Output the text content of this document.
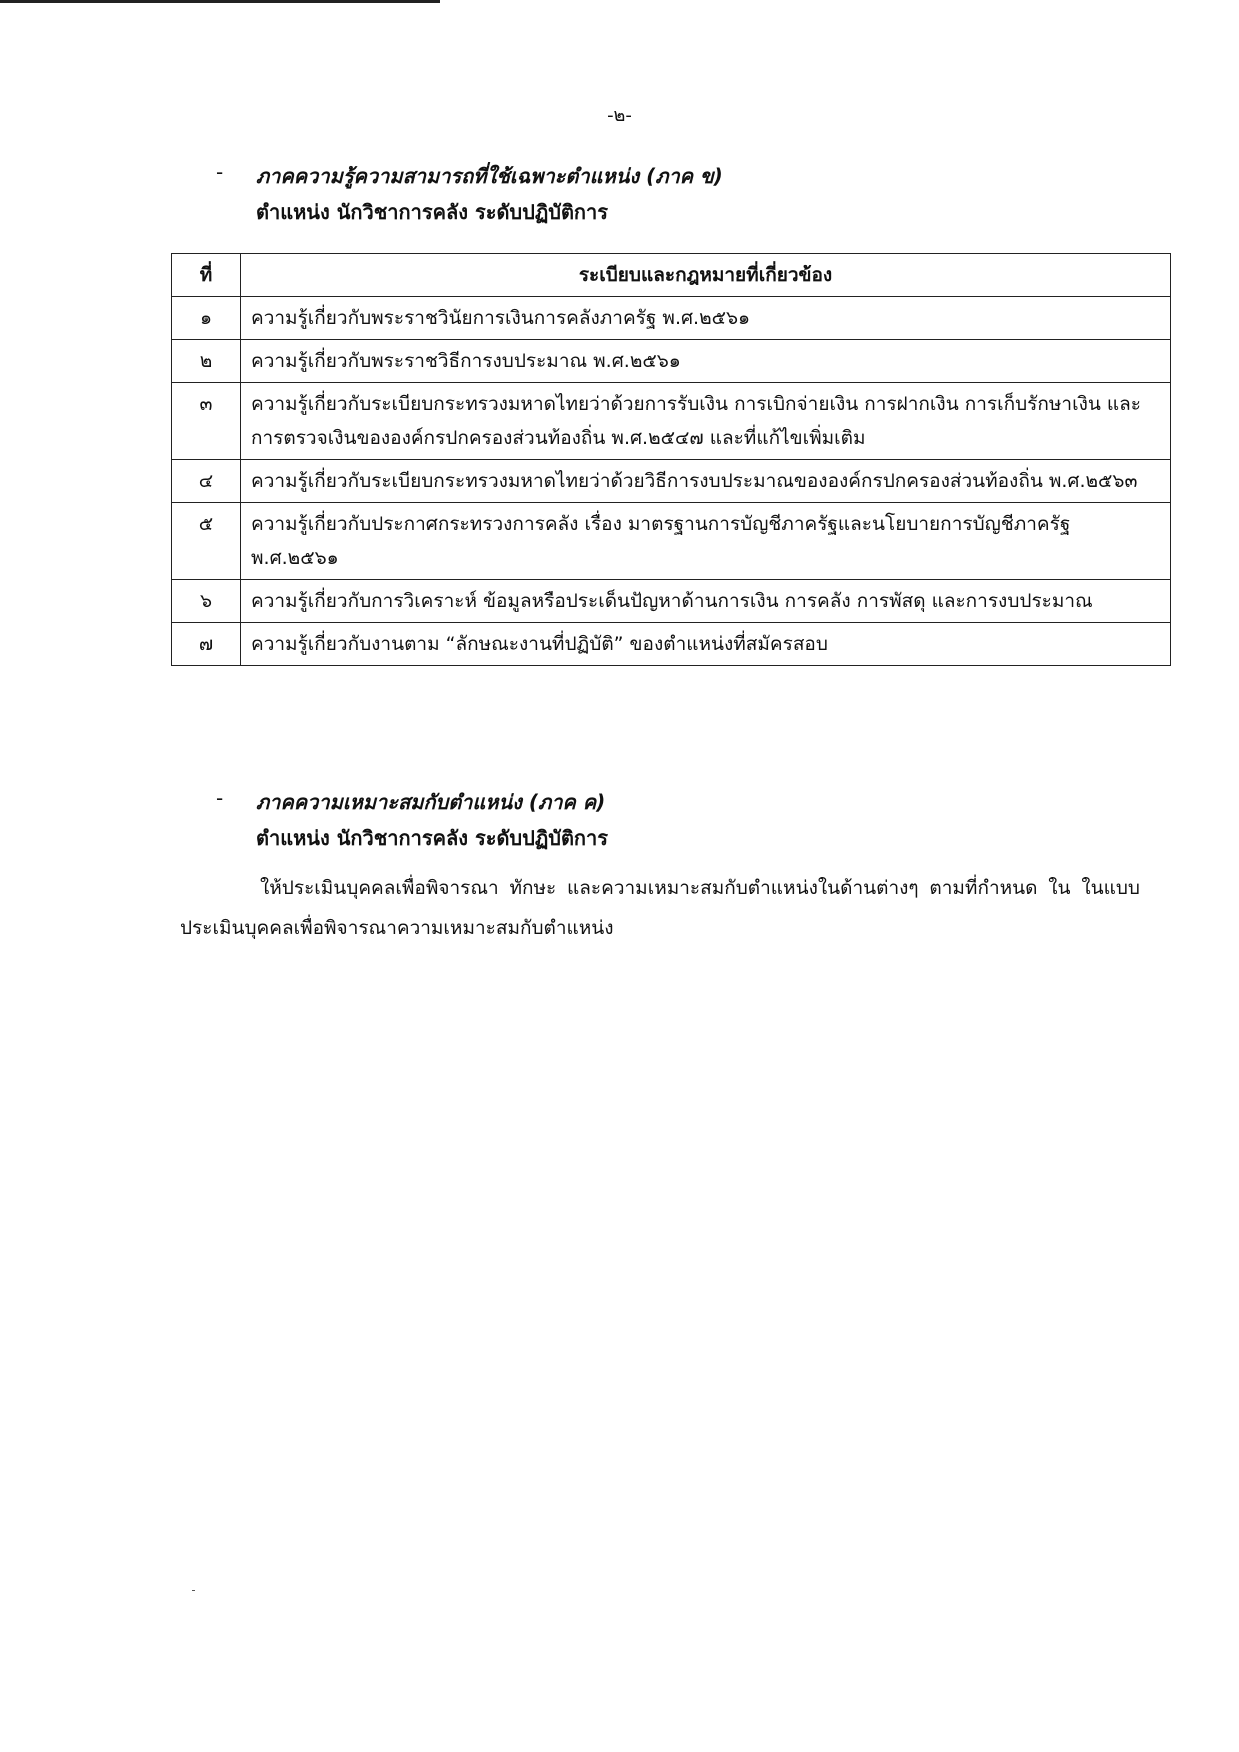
-๒-
- ภาคความรู้ความสามารถที่ใช้เฉพาะตำแหน่ง (ภาค ข)
ตำแหน่ง นักวิชาการคลัง ระดับปฏิบัติการ
ที่	ระเบียบและกฎหมายที่เกี่ยวข้อง
๑	ความรู้เกี่ยวกับพระราชวินัยการเงินการคลังภาครัฐ พ.ศ.๒๕๖๑
๒	ความรู้เกี่ยวกับพระราชวิธีการงบประมาณ พ.ศ.๒๕๖๑
๓	ความรู้เกี่ยวกับระเบียบกระทรวงมหาดไทยว่าด้วยการรับเงิน การเบิกจ่ายเงิน การฝากเงิน การเก็บรักษาเงิน และการตรวจเงินขององค์กรปกครองส่วนท้องถิ่น พ.ศ.๒๕๔๗ และที่แก้ไขเพิ่มเติม
๔	ความรู้เกี่ยวกับระเบียบกระทรวงมหาดไทยว่าด้วยวิธีการงบประมาณขององค์กรปกครองส่วนท้องถิ่น พ.ศ.๒๕๖๓
๕	ความรู้เกี่ยวกับประกาศกระทรวงการคลัง เรื่อง มาตรฐานการบัญชีภาครัฐและนโยบายการบัญชีภาครัฐ พ.ศ.๒๕๖๑
๖	ความรู้เกี่ยวกับการวิเคราะห์ ข้อมูลหรือประเด็นปัญหาด้านการเงิน การคลัง การพัสดุ และการงบประมาณ
๗	ความรู้เกี่ยวกับงานตาม “ลักษณะงานที่ปฏิบัติ” ของตำแหน่งที่สมัครสอบ
- ภาคความเหมาะสมกับตำแหน่ง (ภาค ค)
ตำแหน่ง นักวิชาการคลัง ระดับปฏิบัติการ
ให้ประเมินบุคคลเพื่อพิจารณา ทักษะ และความเหมาะสมกับตำแหน่งในด้านต่างๆ ตามที่กำหนด ใน ในแบบประเมินบุคคลเพื่อพิจารณาความเหมาะสมกับตำแหน่ง
